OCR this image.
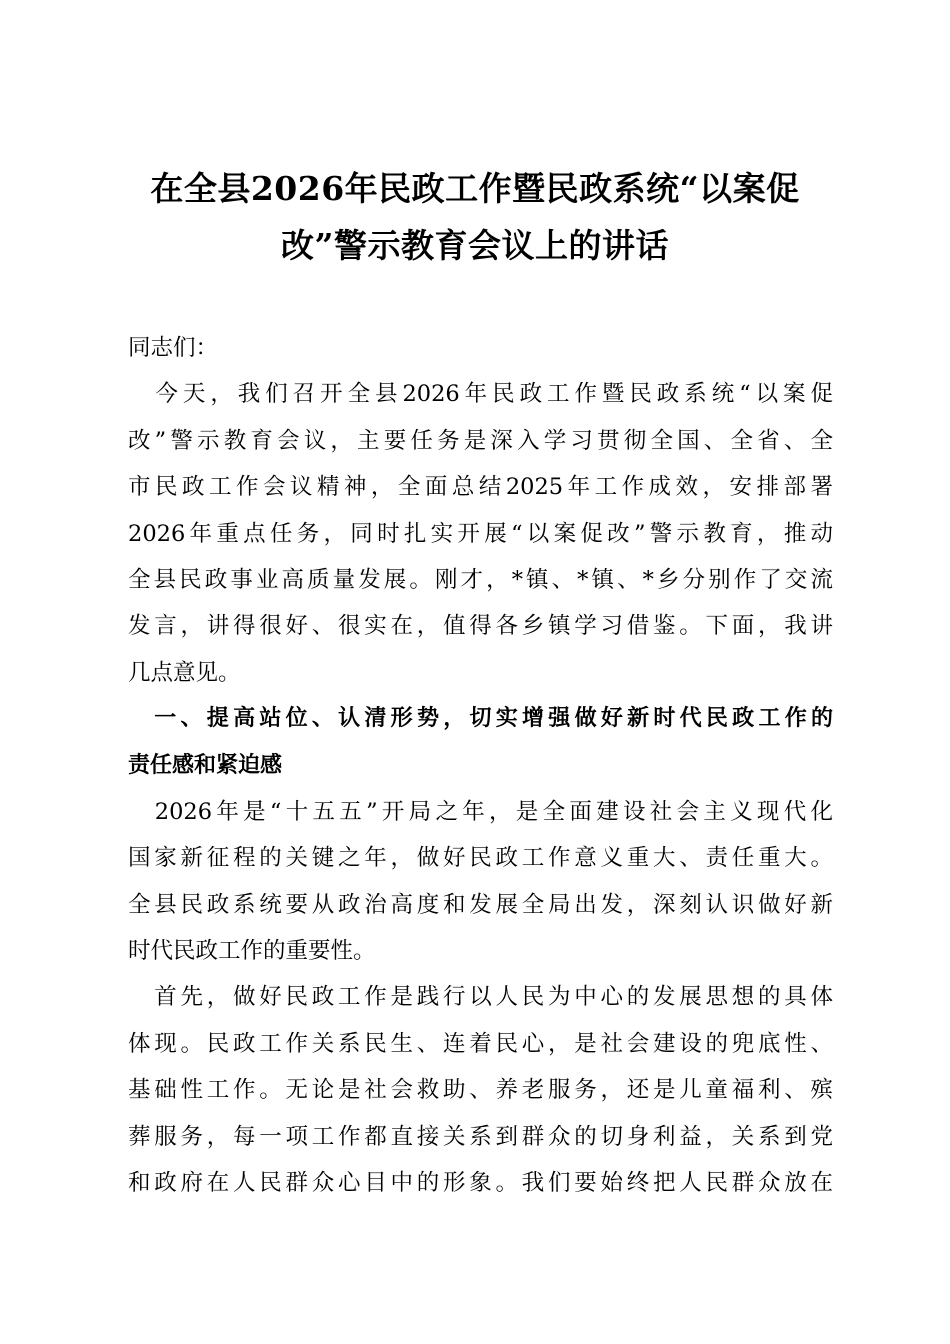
在全县2026年民政工作暨民政系统“以案促
改”警示教育会议上的讲话
同志们：
　今天，我们召开全县2026年民政工作暨民政系统“以案促
改”警示教育会议，主要任务是深入学习贯彻全国、全省、全
市民政工作会议精神，全面总结2025年工作成效，安排部署
2026年重点任务，同时扎实开展“以案促改”警示教育，推动
全县民政事业高质量发展。刚才，*镇、*镇、*乡分别作了交流
发言，讲得很好、很实在，值得各乡镇学习借鉴。下面，我讲
几点意见。
　一、提高站位、认清形势，切实增强做好新时代民政工作的
责任感和紧迫感
　2026年是“十五五”开局之年，是全面建设社会主义现代化
国家新征程的关键之年，做好民政工作意义重大、责任重大。
全县民政系统要从政治高度和发展全局出发，深刻认识做好新
时代民政工作的重要性。
　首先，做好民政工作是践行以人民为中心的发展思想的具体
体现。民政工作关系民生、连着民心，是社会建设的兜底性、
基础性工作。无论是社会救助、养老服务，还是儿童福利、殡
葬服务，每一项工作都直接关系到群众的切身利益，关系到党
和政府在人民群众心目中的形象。我们要始终把人民群众放在
